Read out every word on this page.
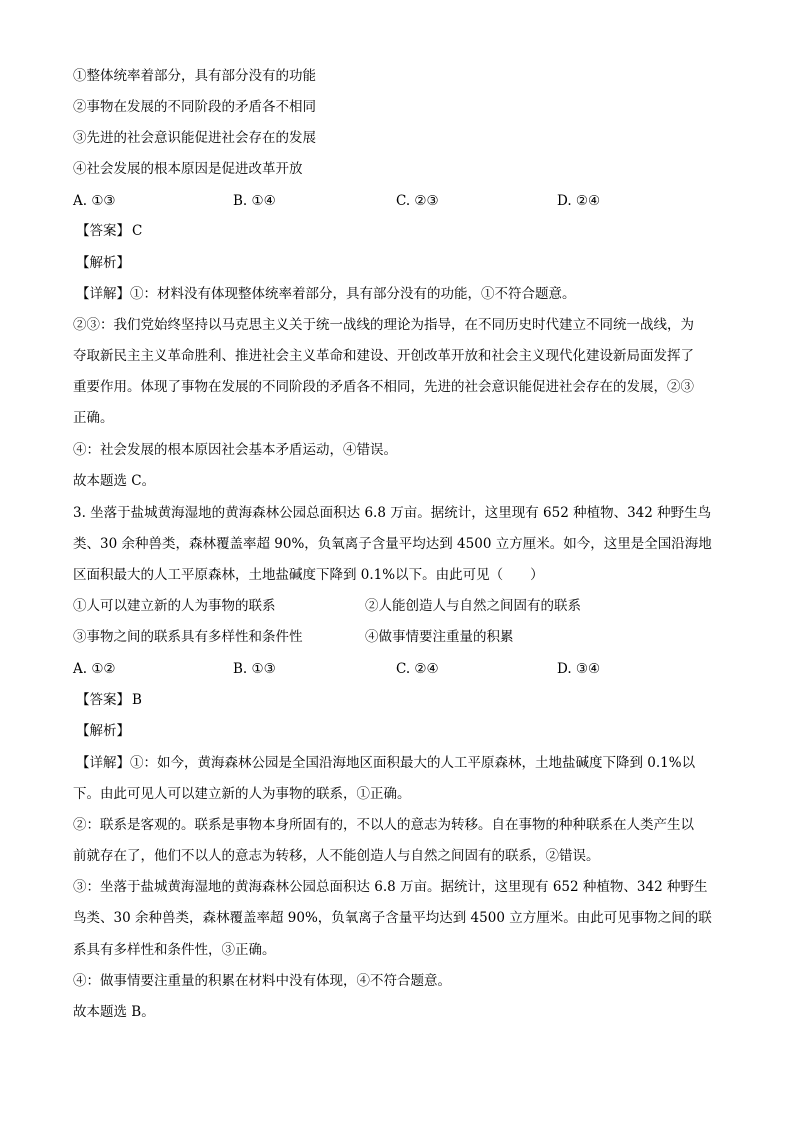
①整体统率着部分，具有部分没有的功能
②事物在发展的不同阶段的矛盾各不相同
③先进的社会意识能促进社会存在的发展
④社会发展的根本原因是促进改革开放
A. ①③	B. ①④	C. ②③	D. ②④
【答案】 C
【解析】
【详解】①：材料没有体现整体统率着部分，具有部分没有的功能，①不符合题意。
②③：我们党始终坚持以马克思主义关于统一战线的理论为指导，在不同历史时代建立不同统一战线，为
夺取新民主主义革命胜利、推进社会主义革命和建设、开创改革开放和社会主义现代化建设新局面发挥了
重要作用。体现了事物在发展的不同阶段的矛盾各不相同，先进的社会意识能促进社会存在的发展，②③
正确。
④：社会发展的根本原因社会基本矛盾运动，④错误。
故本题选 C。
3. 坐落于盐城黄海湿地的黄海森林公园总面积达 6.8 万亩。据统计，这里现有 652 种植物、342 种野生鸟
类、30 余种兽类，森林覆盖率超 90%，负氧离子含量平均达到 4500 立方厘米。如今，这里是全国沿海地
区面积最大的人工平原森林，土地盐碱度下降到 0.1%以下。由此可见（　　）
①人可以建立新的人为事物的联系	②人能创造人与自然之间固有的联系
③事物之间的联系具有多样性和条件性	④做事情要注重量的积累
A. ①②	B. ①③	C. ②④	D. ③④
【答案】 B
【解析】
【详解】①：如今，黄海森林公园是全国沿海地区面积最大的人工平原森林，土地盐碱度下降到 0.1%以
下。由此可见人可以建立新的人为事物的联系，①正确。
②：联系是客观的。联系是事物本身所固有的，不以人的意志为转移。自在事物的种种联系在人类产生以
前就存在了，他们不以人的意志为转移，人不能创造人与自然之间固有的联系，②错误。
③：坐落于盐城黄海湿地的黄海森林公园总面积达 6.8 万亩。据统计，这里现有 652 种植物、342 种野生
鸟类、30 余种兽类，森林覆盖率超 90%，负氧离子含量平均达到 4500 立方厘米。由此可见事物之间的联
系具有多样性和条件性，③正确。
④：做事情要注重量的积累在材料中没有体现，④不符合题意。
故本题选 B。
